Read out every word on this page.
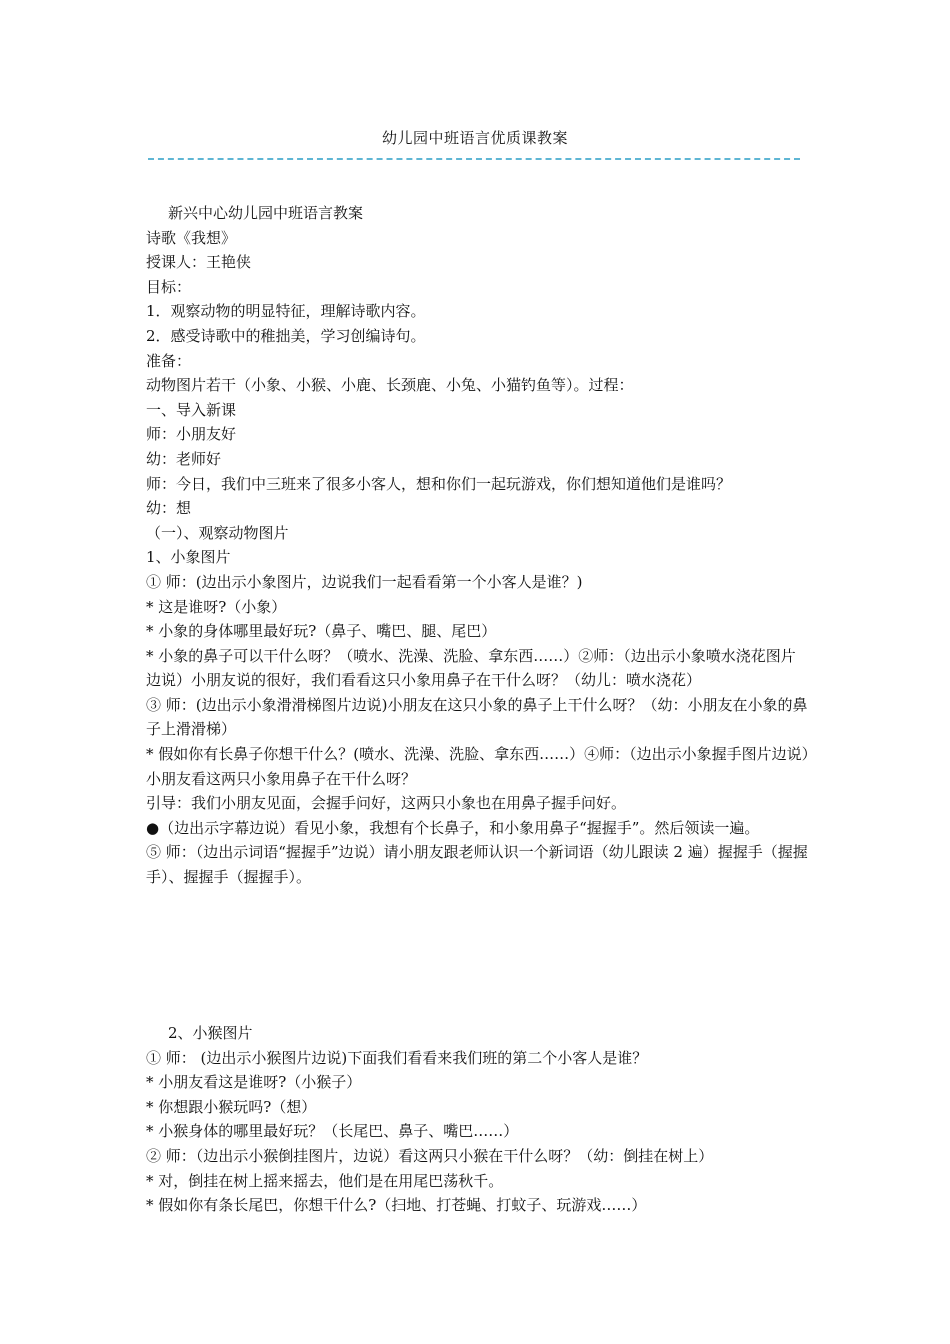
幼儿园中班语言优质课教案
新兴中心幼儿园中班语言教案
诗歌《我想》
授课人：王艳侠
目标：
1．观察动物的明显特征，理解诗歌内容。
2．感受诗歌中的稚拙美，学习创编诗句。
准备：
动物图片若干（小象、小猴、小鹿、长颈鹿、小兔、小猫钓鱼等）。过程：
一、导入新课
师：小朋友好
幼：老师好
师：今日，我们中三班来了很多小客人，想和你们一起玩游戏，你们想知道他们是谁吗？
幼：想
（一）、观察动物图片
1、小象图片
① 师：(边出示小象图片，边说我们一起看看第一个小客人是谁？)
* 这是谁呀?（小象）
* 小象的身体哪里最好玩?（鼻子、嘴巴、腿、尾巴）
* 小象的鼻子可以干什么呀？（喷水、洗澡、洗脸、拿东西……）②师：（边出示小象喷水浇花图片边说）小朋友说的很好，我们看看这只小象用鼻子在干什么呀？（幼儿：喷水浇花）
③ 师：(边出示小象滑滑梯图片边说)小朋友在这只小象的鼻子上干什么呀？（幼：小朋友在小象的鼻子上滑滑梯）
* 假如你有长鼻子你想干什么？(喷水、洗澡、洗脸、拿东西……）④师：（边出示小象握手图片边说）小朋友看这两只小象用鼻子在干什么呀？
引导：我们小朋友见面，会握手问好，这两只小象也在用鼻子握手问好。
●（边出示字幕边说）看见小象，我想有个长鼻子，和小象用鼻子“握握手”。然后领读一遍。
⑤ 师：（边出示词语“握握手”边说）请小朋友跟老师认识一个新词语（幼儿跟读 2 遍）握握手（握握手）、握握手（握握手）。
2、小猴图片
① 师： (边出示小猴图片边说)下面我们看看来我们班的第二个小客人是谁？
* 小朋友看这是谁呀?（小猴子）
* 你想跟小猴玩吗?（想）
* 小猴身体的哪里最好玩？（长尾巴、鼻子、嘴巴……）
② 师：（边出示小猴倒挂图片，边说）看这两只小猴在干什么呀？（幼：倒挂在树上）
* 对，倒挂在树上摇来摇去，他们是在用尾巴荡秋千。
* 假如你有条长尾巴，你想干什么?（扫地、打苍蝇、打蚊子、玩游戏……）
